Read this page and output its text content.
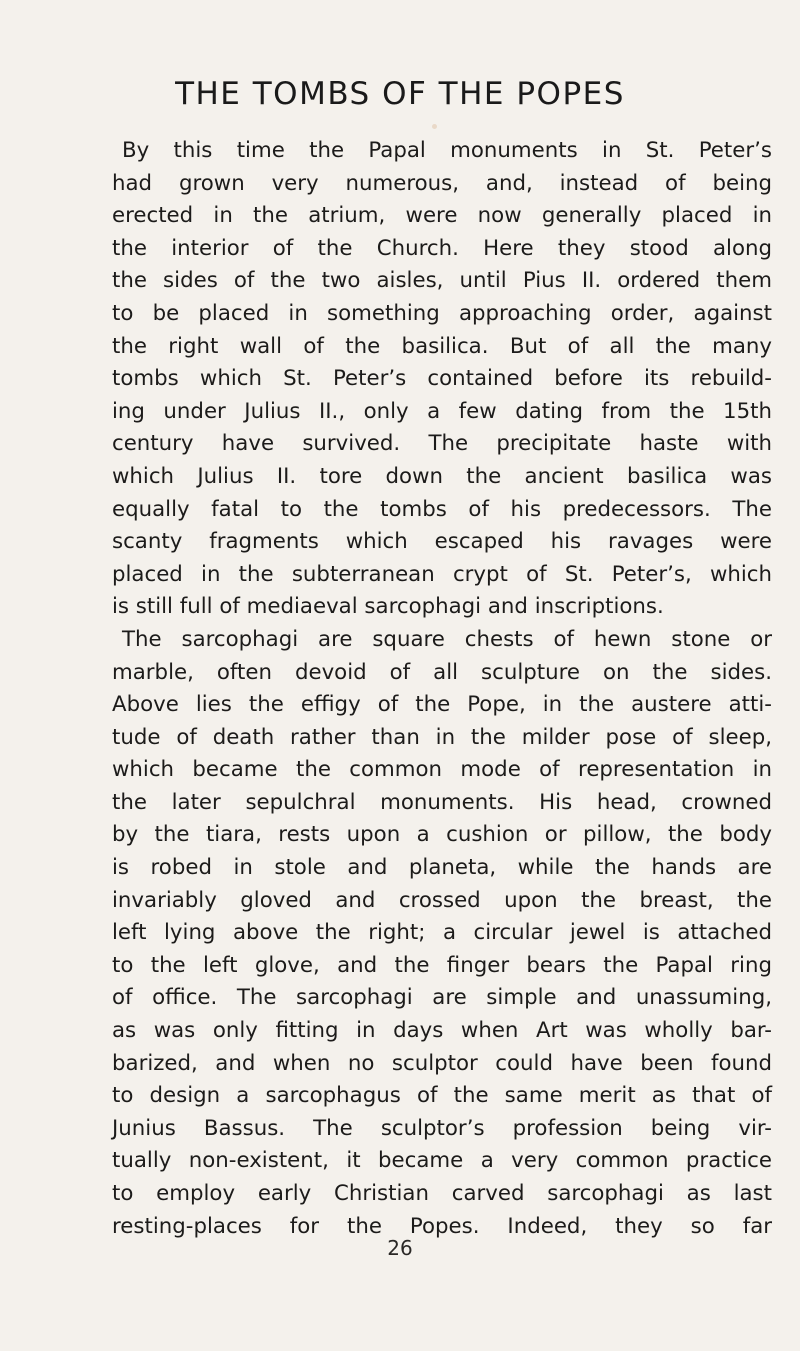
THE TOMBS OF THE POPES
By this time the Papal monuments in St. Peter’s
had grown very numerous, and, instead of being
erected in the atrium, were now generally placed in
the interior of the Church. Here they stood along
the sides of the two aisles, until Pius II. ordered them
to be placed in something approaching order, against
the right wall of the basilica. But of all the many
tombs which St. Peter’s contained before its rebuild-
ing under Julius II., only a few dating from the 15th
century have survived. The precipitate haste with
which Julius II. tore down the ancient basilica was
equally fatal to the tombs of his predecessors. The
scanty fragments which escaped his ravages were
placed in the subterranean crypt of St. Peter’s, which
is still full of mediaeval sarcophagi and inscriptions.
The sarcophagi are square chests of hewn stone or
marble, often devoid of all sculpture on the sides.
Above lies the effigy of the Pope, in the austere atti-
tude of death rather than in the milder pose of sleep,
which became the common mode of representation in
the later sepulchral monuments. His head, crowned
by the tiara, rests upon a cushion or pillow, the body
is robed in stole and planeta, while the hands are
invariably gloved and crossed upon the breast, the
left lying above the right; a circular jewel is attached
to the left glove, and the finger bears the Papal ring
of office. The sarcophagi are simple and unassuming,
as was only fitting in days when Art was wholly bar-
barized, and when no sculptor could have been found
to design a sarcophagus of the same merit as that of
Junius Bassus. The sculptor’s profession being vir-
tually non-existent, it became a very common practice
to employ early Christian carved sarcophagi as last
resting-places for the Popes. Indeed, they so far
26
